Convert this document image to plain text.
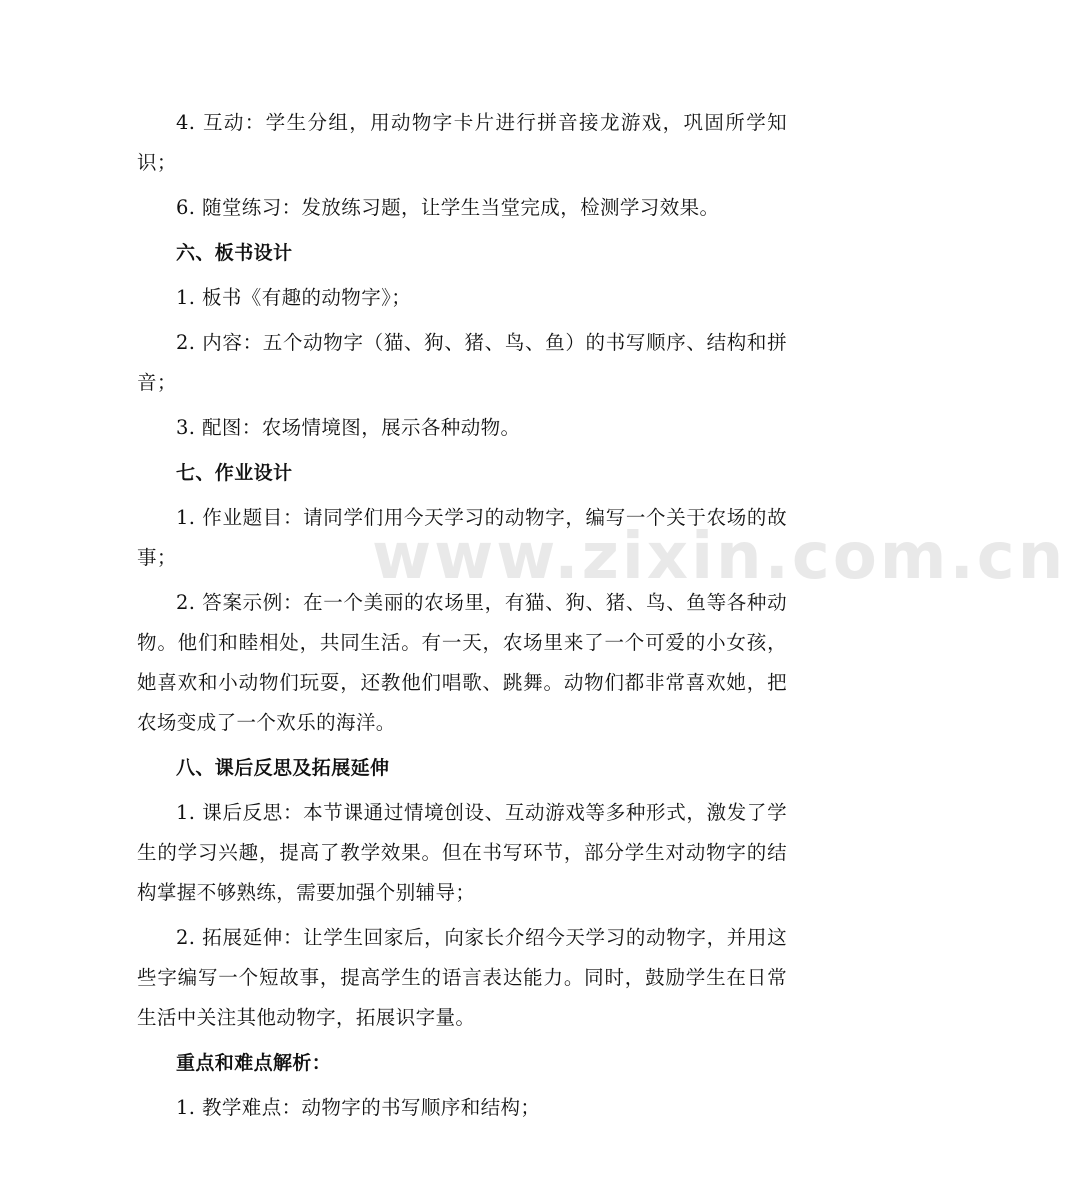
www.zixin.com.cn

4. 互动：学生分组，用动物字卡片进行拼音接龙游戏，巩固所学知识；

6. 随堂练习：发放练习题，让学生当堂完成，检测学习效果。

六、板书设计

1. 板书《有趣的动物字》；

2. 内容：五个动物字（猫、狗、猪、鸟、鱼）的书写顺序、结构和拼音；

3. 配图：农场情境图，展示各种动物。

七、作业设计

1. 作业题目：请同学们用今天学习的动物字，编写一个关于农场的故事；

2. 答案示例：在一个美丽的农场里，有猫、狗、猪、鸟、鱼等各种动物。他们和睦相处，共同生活。有一天，农场里来了一个可爱的小女孩，她喜欢和小动物们玩耍，还教他们唱歌、跳舞。动物们都非常喜欢她，把农场变成了一个欢乐的海洋。

八、课后反思及拓展延伸

1. 课后反思：本节课通过情境创设、互动游戏等多种形式，激发了学生的学习兴趣，提高了教学效果。但在书写环节，部分学生对动物字的结构掌握不够熟练，需要加强个别辅导；

2. 拓展延伸：让学生回家后，向家长介绍今天学习的动物字，并用这些字编写一个短故事，提高学生的语言表达能力。同时，鼓励学生在日常生活中关注其他动物字，拓展识字量。

重点和难点解析：

1. 教学难点：动物字的书写顺序和结构；
